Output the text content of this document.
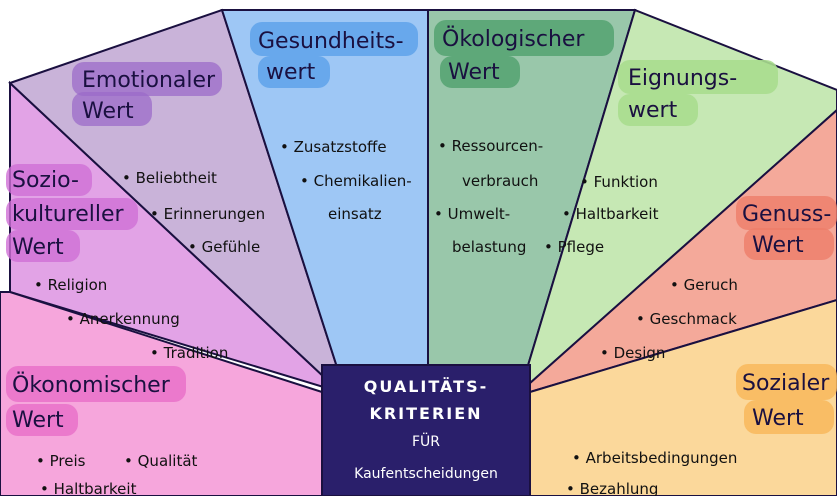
Emotionaler
Wert
Gesundheits-
wert
Ökologischer
Wert	Eignungs-
wert
Genuss-
Wert
Sozialer
Wert
Ökonomischer
Wert
Sozio-
kultureller
Wert
• Beliebtheit
• Erinnerungen
• Gefühle
• Zusatzstoffe
• Chemikalien-
einsatz
• Ressourcen-
verbrauch
• Umwelt-
belastung
• Funktion
• Haltbarkeit
• Pflege
• Geruch
• Geschmack
• Design
• Arbeitsbedingungen
• Bezahlung
• Preis	• Qualität
• Haltbarkeit
• Religion
• Anerkennung
• Tradition
QUALITÄTS-
KRITERIEN
FÜR
Kaufentscheidungen
